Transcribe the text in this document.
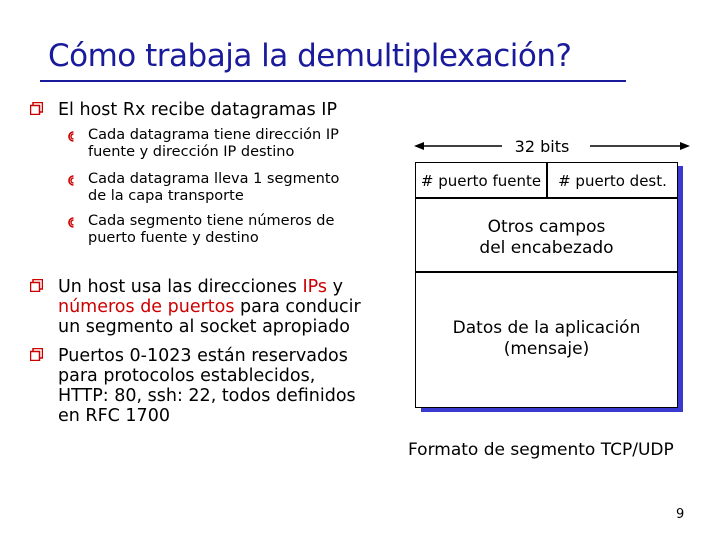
Cómo trabaja la demultiplexación?
El host Rx recibe datagramas IP
Cada datagrama tiene dirección IP
fuente y dirección IP destino
Cada datagrama lleva 1 segmento
de la capa transporte
Cada segmento tiene números de
puerto fuente y destino
Un host usa las direcciones IPs y
números de puertos para conducir
un segmento al socket apropiado
Puertos 0-1023 están reservados
para protocolos establecidos,
HTTP: 80, ssh: 22, todos definidos
en RFC 1700
32 bits
# puerto fuente	# puerto dest.
Otros campos
del encabezado
Datos de la aplicación
(mensaje)
Formato de segmento TCP/UDP
9
